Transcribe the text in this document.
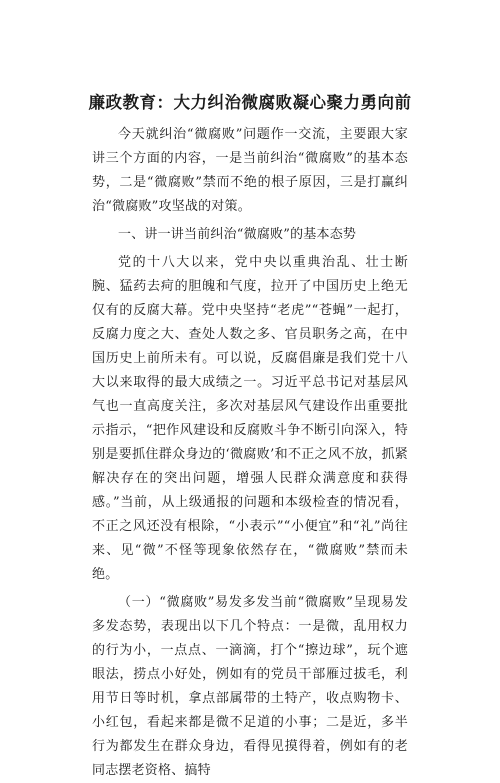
廉政教育：大力纠治微腐败凝心聚力勇向前

今天就纠治“微腐败”问题作一交流，主要跟大家讲三个方面的内容，一是当前纠治“微腐败”的基本态势，二是“微腐败”禁而不绝的根子原因，三是打赢纠治“微腐败”攻坚战的对策。

一、讲一讲当前纠治“微腐败”的基本态势

党的十八大以来，党中央以重典治乱、壮士断腕、猛药去疴的胆魄和气度，拉开了中国历史上绝无仅有的反腐大幕。党中央坚持“老虎”“苍蝇”一起打，反腐力度之大、查处人数之多、官员职务之高，在中国历史上前所未有。可以说，反腐倡廉是我们党十八大以来取得的最大成绩之一。习近平总书记对基层风气也一直高度关注，多次对基层风气建设作出重要批示指示，“把作风建设和反腐败斗争不断引向深入，特别是要抓住群众身边的‘微腐败’和不正之风不放，抓紧解决存在的突出问题，增强人民群众满意度和获得感。”当前，从上级通报的问题和本级检查的情况看，不正之风还没有根除，“小表示”“小便宜”和“礼”尚往来、见“微”不怪等现象依然存在，“微腐败”禁而未绝。

（一）“微腐败”易发多发当前“微腐败”呈现易发多发态势，表现出以下几个特点：一是微，乱用权力的行为小，一点点、一滴滴，打个“擦边球”，玩个遮眼法，捞点小好处，例如有的党员干部雁过拔毛，利用节日等时机，拿点部属带的土特产，收点购物卡、小红包，看起来都是微不足道的小事；二是近，多半行为都发生在群众身边，看得见摸得着，例如有的老同志摆老资格、搞特
